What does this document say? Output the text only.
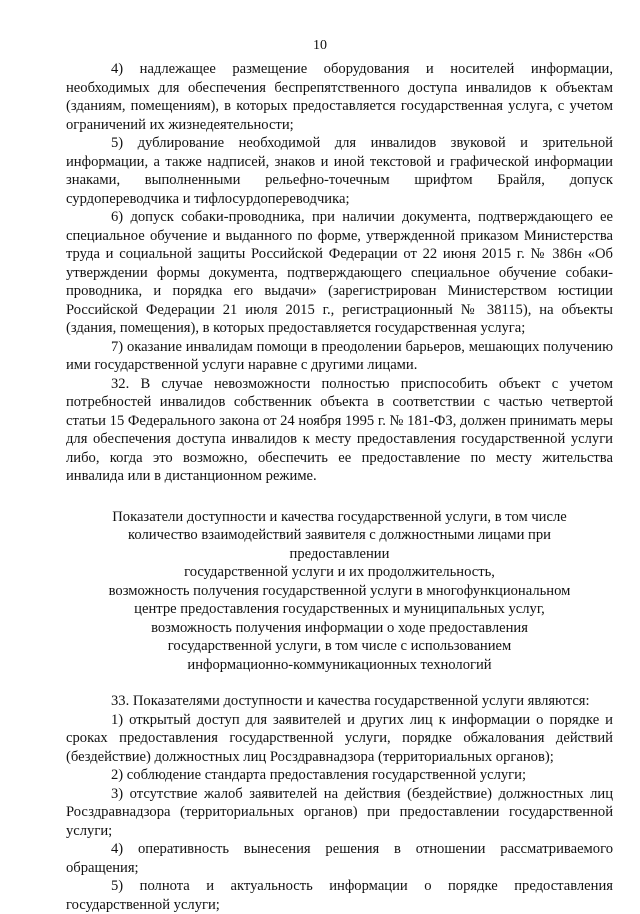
10

4) надлежащее размещение оборудования и носителей информации, необходимых для обеспечения беспрепятственного доступа инвалидов к объектам (зданиям, помещениям), в которых предоставляется государственная услуга, с учетом ограничений их жизнедеятельности;

5) дублирование необходимой для инвалидов звуковой и зрительной информации, а также надписей, знаков и иной текстовой и графической информации знаками, выполненными рельефно-точечным шрифтом Брайля, допуск сурдопереводчика и тифлосурдопереводчика;

6) допуск собаки-проводника, при наличии документа, подтверждающего ее специальное обучение и выданного по форме, утвержденной приказом Министерства труда и социальной защиты Российской Федерации от 22 июня 2015 г. № 386н «Об утверждении формы документа, подтверждающего специальное обучение собаки-проводника, и порядка его выдачи» (зарегистрирован Министерством юстиции Российской Федерации 21 июля 2015 г., регистрационный № 38115), на объекты (здания, помещения), в которых предоставляется государственная услуга;

7) оказание инвалидам помощи в преодолении барьеров, мешающих получению ими государственной услуги наравне с другими лицами.

32. В случае невозможности полностью приспособить объект с учетом потребностей инвалидов собственник объекта в соответствии с частью четвертой статьи 15 Федерального закона от 24 ноября 1995 г. № 181-ФЗ, должен принимать меры для обеспечения доступа инвалидов к месту предоставления государственной услуги либо, когда это возможно, обеспечить ее предоставление по месту жительства инвалида или в дистанционном режиме.

Показатели доступности и качества государственной услуги, в том числе
количество взаимодействий заявителя с должностными лицами при предоставлении
государственной услуги и их продолжительность,
возможность получения государственной услуги в многофункциональном
центре предоставления государственных и муниципальных услуг,
возможность получения информации о ходе предоставления
государственной услуги, в том числе с использованием
информационно-коммуникационных технологий

33. Показателями доступности и качества государственной услуги являются:

1) открытый доступ для заявителей и других лиц к информации о порядке и сроках предоставления государственной услуги, порядке обжалования действий (бездействие) должностных лиц Росздравнадзора (территориальных органов);

2) соблюдение стандарта предоставления государственной услуги;

3) отсутствие жалоб заявителей на действия (бездействие) должностных лиц Росздравнадзора (территориальных органов) при предоставлении государственной услуги;

4) оперативность вынесения решения в отношении рассматриваемого обращения;

5) полнота и актуальность информации о порядке предоставления государственной услуги;
